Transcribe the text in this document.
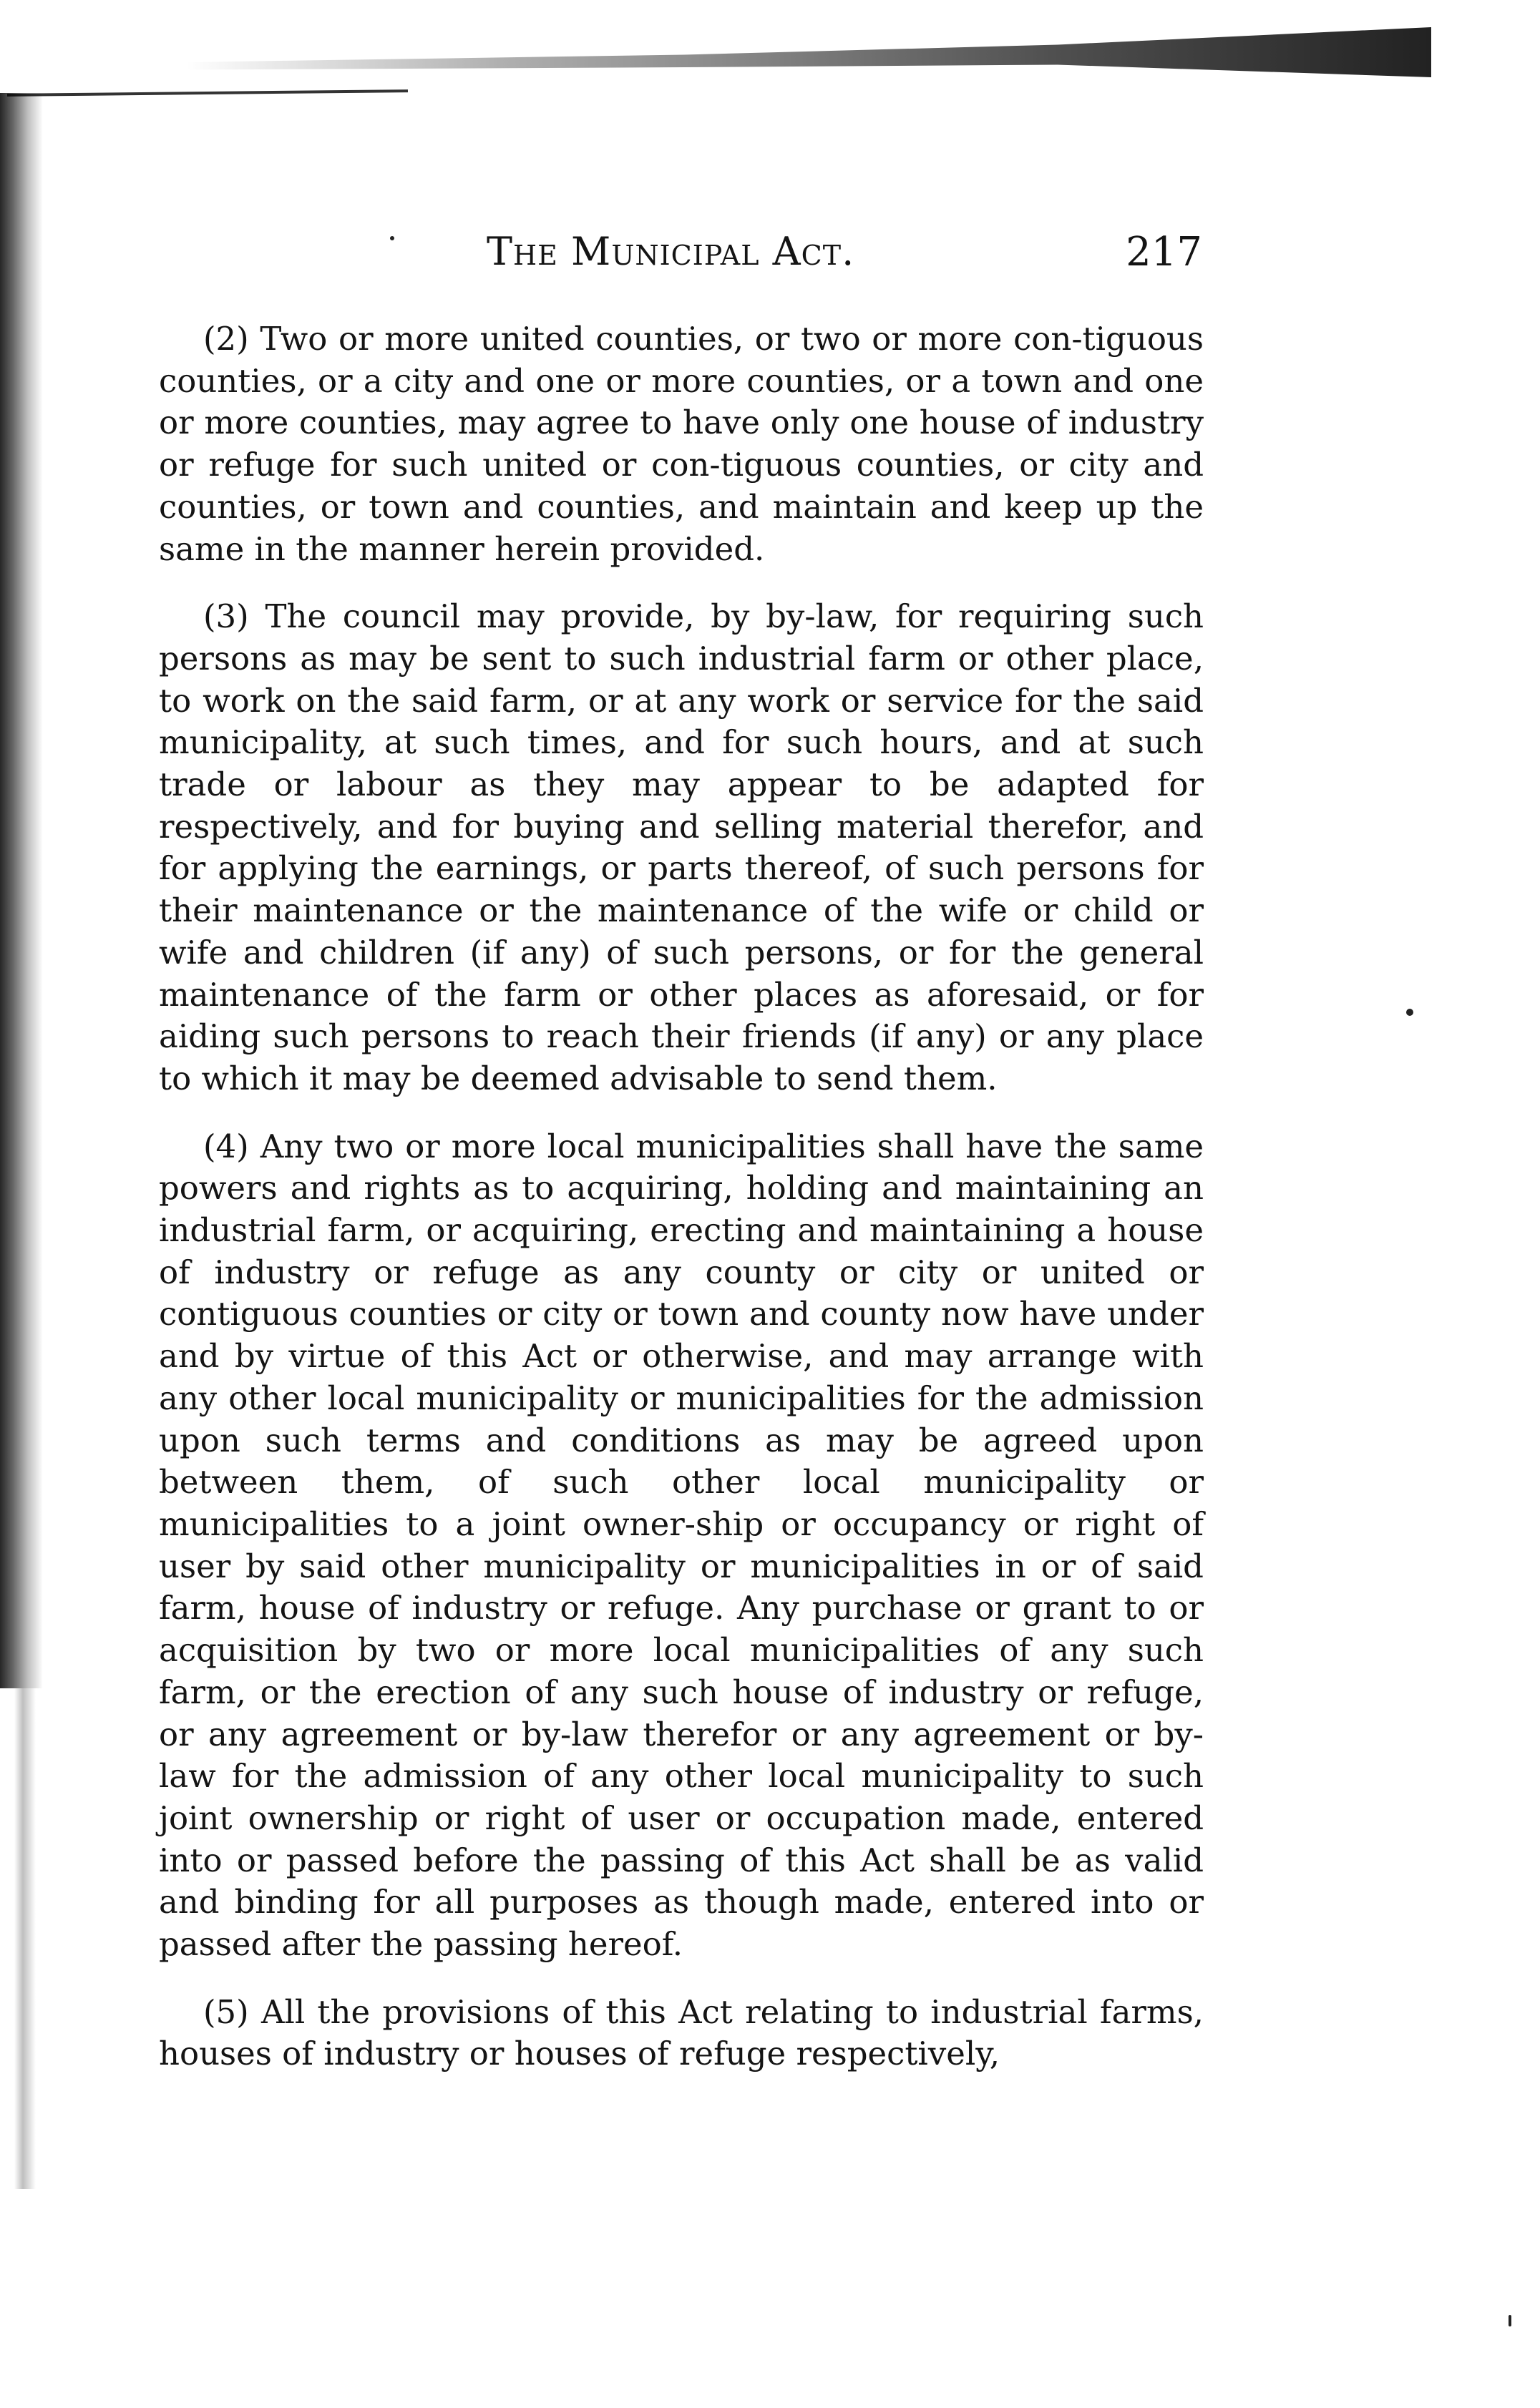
The Municipal Act.	217

(2) Two or more united counties, or two or more con-tiguous counties, or a city and one or more counties, or a town and one or more counties, may agree to have only one house of industry or refuge for such united or con-tiguous counties, or city and counties, or town and counties, and maintain and keep up the same in the manner herein provided.

(3) The council may provide, by by-law, for requiring such persons as may be sent to such industrial farm or other place, to work on the said farm, or at any work or service for the said municipality, at such times, and for such hours, and at such trade or labour as they may appear to be adapted for respectively, and for buying and selling material therefor, and for applying the earnings, or parts thereof, of such persons for their maintenance or the maintenance of the wife or child or wife and children (if any) of such persons, or for the general maintenance of the farm or other places as aforesaid, or for aiding such persons to reach their friends (if any) or any place to which it may be deemed advisable to send them.

(4) Any two or more local municipalities shall have the same powers and rights as to acquiring, holding and maintaining an industrial farm, or acquiring, erecting and maintaining a house of industry or refuge as any county or city or united or contiguous counties or city or town and county now have under and by virtue of this Act or otherwise, and may arrange with any other local municipality or municipalities for the admission upon such terms and conditions as may be agreed upon between them, of such other local municipality or municipalities to a joint owner-ship or occupancy or right of user by said other municipality or municipalities in or of said farm, house of industry or refuge. Any purchase or grant to or acquisition by two or more local municipalities of any such farm, or the erection of any such house of industry or refuge, or any agreement or by-law therefor or any agreement or by-law for the admission of any other local municipality to such joint ownership or right of user or occupation made, entered into or passed before the passing of this Act shall be as valid and binding for all purposes as though made, entered into or passed after the passing hereof.

(5) All the provisions of this Act relating to industrial farms, houses of industry or houses of refuge respectively,
